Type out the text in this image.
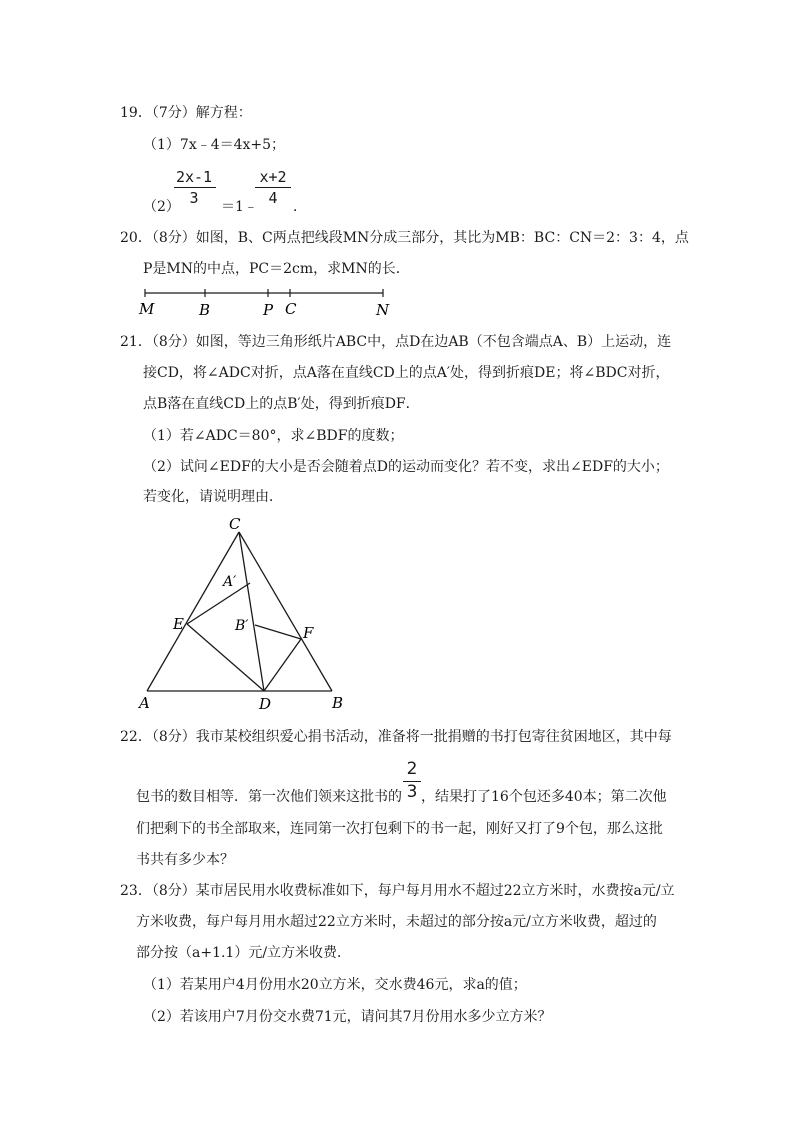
19．（7分）解方程：
（1）7x﹣4＝4x+5；
（2）
2x-1
3	＝1﹣
x+2
4	．
20．（8分）如图，B、C两点把线段MN分成三部分，其比为MB：BC：CN＝2：3：4，点
P是MN的中点，PC＝2cm，求MN的长．
M	B	P C	N
21．（8分）如图，等边三角形纸片ABC中，点D在边AB（不包含端点A、B）上运动，连
接CD，将∠ADC对折，点A落在直线CD上的点A′处，得到折痕DE；将∠BDC对折，
点B落在直线CD上的点B′处，得到折痕DF．
（1）若∠ADC＝80°，求∠BDF的度数；
（2）试问∠EDF的大小是否会随着点D的运动而变化？若不变，求出∠EDF的大小；
若变化，请说明理由．
C
A′
B′
E	F
A	D	B
22．（8分）我市某校组织爱心捐书活动，准备将一批捐赠的书打包寄往贫困地区，其中每
2
3
包书的数目相等．第一次他们领来这批书的 ，结果打了16个包还多40本；第二次他
们把剩下的书全部取来，连同第一次打包剩下的书一起，刚好又打了9个包，那么这批
书共有多少本？
23．（8分）某市居民用水收费标准如下，每户每月用水不超过22立方米时，水费按a元/立
方米收费，每户每月用水超过22立方米时，未超过的部分按a元/立方米收费，超过的
部分按（a+1.1）元/立方米收费．
（1）若某用户4月份用水20立方米，交水费46元，求a的值；
（2）若该用户7月份交水费71元，请问其7月份用水多少立方米？
